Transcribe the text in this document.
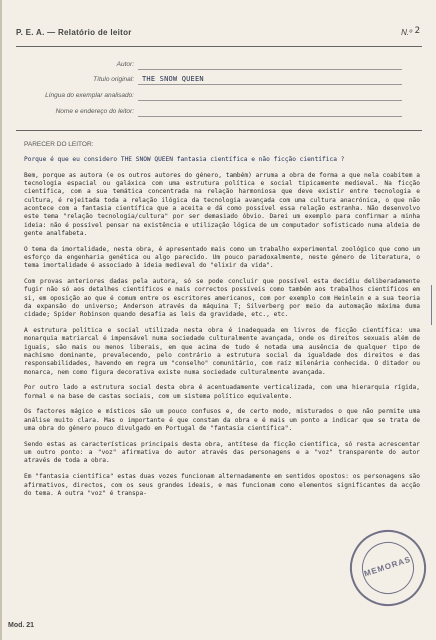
P. E. A. — Relatório de leitor	N.º 2
Autor:
Título original: THE SNOW QUEEN
Língua do exemplar analisado:
Nome e endereço do leitor:
PARECER DO LEITOR:

Porque é que eu considero THE SNOW QUEEN fantasia científica e não ficção científica ?

Bem, porque as autora (e os outros autores do género, também) arruma a obra de forma a que nela coabitem a tecnologia espacial ou galáxica com uma estrutura política e social tipicamente medieval. Na ficção científica, com a sua temática concentrada na relação harmoniosa que deve existir entre tecnologia e cultura, é rejeitada toda a relação ilógica da tecnologia avançada com uma cultura anacrónica, o que não acontece com a fantasia científica que a aceita e dá como possível essa relação estranha. Não desenvolvo este tema "relação tecnologia/cultura" por ser demasiado óbvio. Darei um exemplo para confirmar a minha ideia: não é possível pensar na existência e utilização lógica de um computador sofisticado numa aldeia de gente analfabeta.

O tema da imortalidade, nesta obra, é apresentado mais como um trabalho experimental zoológico que como um esforço da engenharia genética ou algo parecido. Um pouco paradoxalmente, neste género de literatura, o tema imortalidade é associado à ideia medieval do "elixir da vida".

Com provas anteriores dadas pela autora, só se pode concluir que possível esta decidiu deliberadamente fugir não só aos detalhes científicos e mais correctos possíveis como também aos trabalhos científicos em si, em oposição ao que é comum entre os escritores americanos, com por exemplo com Heinlein e a sua teoria da expansão do universo; Anderson através da máquina T; Silverberg por meio da automação máxima duma cidade; Spider Robinson quando desafia as leis da gravidade, etc., etc.

A estrutura política e social utilizada nesta obra é inadequada em livros de ficção científica: uma monarquia matriarcal é impensável numa sociedade culturalmente avançada, onde os direitos sexuais além de iguais, são mais ou menos liberais, em que acima de tudo é notada uma ausência de qualquer tipo de machismo dominante, prevalecendo, pelo contrário a estrutura social da igualdade dos direitos e das responsabilidades, havendo em regra um "conselho" comunitário, com raíz milenária conhecida. O ditador ou monarca, nem como figura decorativa existe numa sociedade culturalmente avançada.

Por outro lado a estrutura social desta obra é acentuadamente verticalizada, com uma hierarquia rígida, formal e na base de castas sociais, com um sistema político equivalente.

Os factores mágico e místicos são um pouco confusos e, de certo modo, misturados o que não permite uma análise muito clara. Mas o importante é que constam da obra e é mais um ponto a indicar que se trata de uma obra do género pouco divulgado em Portugal de "fantasia científica".

Sendo estas as características principais desta obra, antítese da ficção científica, só resta acrescentar um outro ponto: a "voz" afirmativa do autor através das personagens e a "voz" transparente do autor através de toda a obra.

Em "fantasia científica" estas duas vozes funcionam alternadamente em sentidos opostos: os personagens são afirmativos, directos, com os seus grandes ideais, e mas funcionam como elementos significantes da acção do tema. A outra "voz" é transpa-

MEMORAS
Mod. 21
